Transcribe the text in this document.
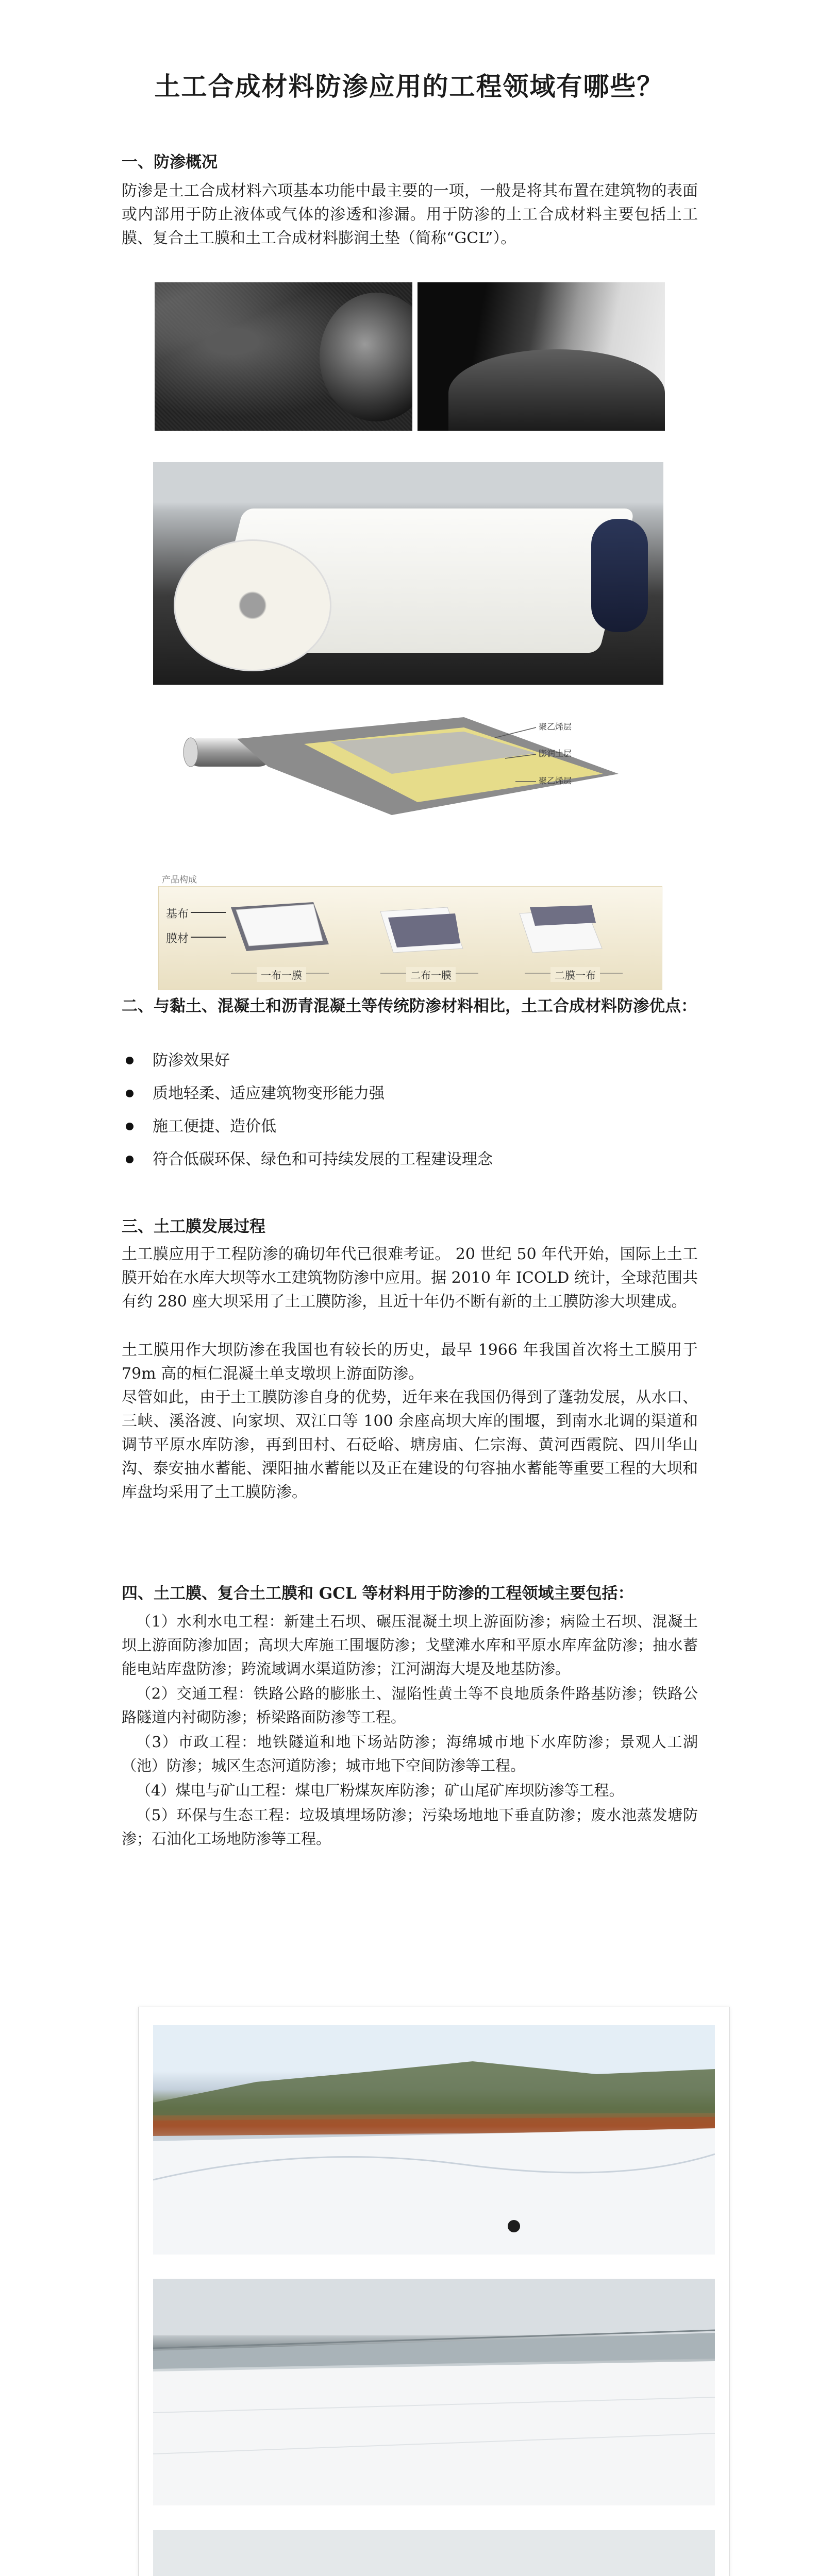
土工合成材料防渗应用的工程领域有哪些？
一、防渗概况
防渗是土工合成材料六项基本功能中最主要的一项，一般是将其布置在建筑物的表面或内部用于防止液体或气体的渗透和渗漏。用于防渗的土工合成材料主要包括土工膜、复合土工膜和土工合成材料膨润土垫（简称“GCL”）。
聚乙烯层
膨润土层
聚乙烯层
产品构成
基布
膜材
一布一膜	二布一膜	二膜一布
二、与黏土、混凝土和沥青混凝土等传统防渗材料相比，土工合成材料防渗优点：
防渗效果好
质地轻柔、适应建筑物变形能力强
施工便捷、造价低
符合低碳环保、绿色和可持续发展的工程建设理念
三、土工膜发展过程
土工膜应用于工程防渗的确切年代已很难考证。 20 世纪 50 年代开始，国际上土工膜开始在水库大坝等水工建筑物防渗中应用。据 2010 年 ICOLD 统计，全球范围共有约 280 座大坝采用了土工膜防渗，且近十年仍不断有新的土工膜防渗大坝建成。
土工膜用作大坝防渗在我国也有较长的历史，最早 1966 年我国首次将土工膜用于 79m 高的桓仁混凝土单支墩坝上游面防渗。
尽管如此，由于土工膜防渗自身的优势，近年来在我国仍得到了蓬勃发展，从水口、三峡、溪洛渡、向家坝、双江口等 100 余座高坝大库的围堰，到南水北调的渠道和调节平原水库防渗，再到田村、石砭峪、塘房庙、仁宗海、黄河西霞院、四川华山沟、泰安抽水蓄能、溧阳抽水蓄能以及正在建设的句容抽水蓄能等重要工程的大坝和库盘均采用了土工膜防渗。
四、土工膜、复合土工膜和 GCL 等材料用于防渗的工程领域主要包括：

（1）水利水电工程：新建土石坝、碾压混凝土坝上游面防渗；病险土石坝、混凝土坝上游面防渗加固；高坝大库施工围堰防渗；戈壁滩水库和平原水库库盆防渗；抽水蓄能电站库盘防渗；跨流域调水渠道防渗；江河湖海大堤及地基防渗。

（2）交通工程：铁路公路的膨胀土、湿陷性黄土等不良地质条件路基防渗；铁路公路隧道内衬砌防渗；桥梁路面防渗等工程。

（3）市政工程：地铁隧道和地下场站防渗；海绵城市地下水库防渗；景观人工湖（池）防渗；城区生态河道防渗；城市地下空间防渗等工程。

（4）煤电与矿山工程：煤电厂粉煤灰库防渗；矿山尾矿库坝防渗等工程。

（5）环保与生态工程：垃圾填埋场防渗；污染场地地下垂直防渗；废水池蒸发塘防渗；石油化工场地防渗等工程。
